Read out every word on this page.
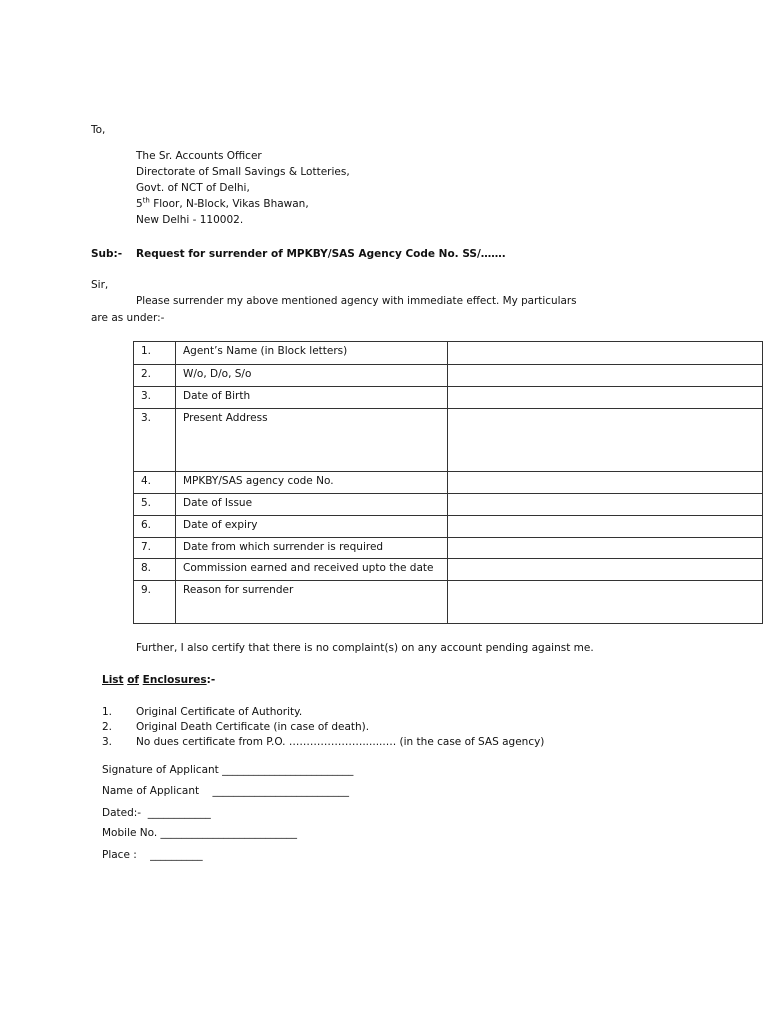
To,
The Sr. Accounts Officer
Directorate of Small Savings & Lotteries,
Govt. of NCT of Delhi,
5th Floor, N-Block, Vikas Bhawan,
New Delhi - 110002.
Sub:- Request for surrender of MPKBY/SAS Agency Code No. SS/…….
Sir,
Please surrender my above mentioned agency with immediate effect. My particulars
are as under:-
1.	Agent’s Name (in Block letters)	
2.	W/o, D/o, S/o	
3.	Date of Birth	
3.	Present Address	
4.	MPKBY/SAS agency code No.	
5.	Date of Issue	
6.	Date of expiry	
7.	Date from which surrender is required	
8.	Commission earned and received upto the date	
9.	Reason for surrender	
Further, I also certify that there is no complaint(s) on any account pending against me.
List of Enclosures:-
1. Original Certificate of Authority.
2. Original Death Certificate (in case of death).
3. No dues certificate from P.O. ………………….......… (in the case of SAS agency)
Signature of Applicant _________________________
Name of Applicant    __________________________
Dated:-  ____________
Mobile No. __________________________
Place :    __________
